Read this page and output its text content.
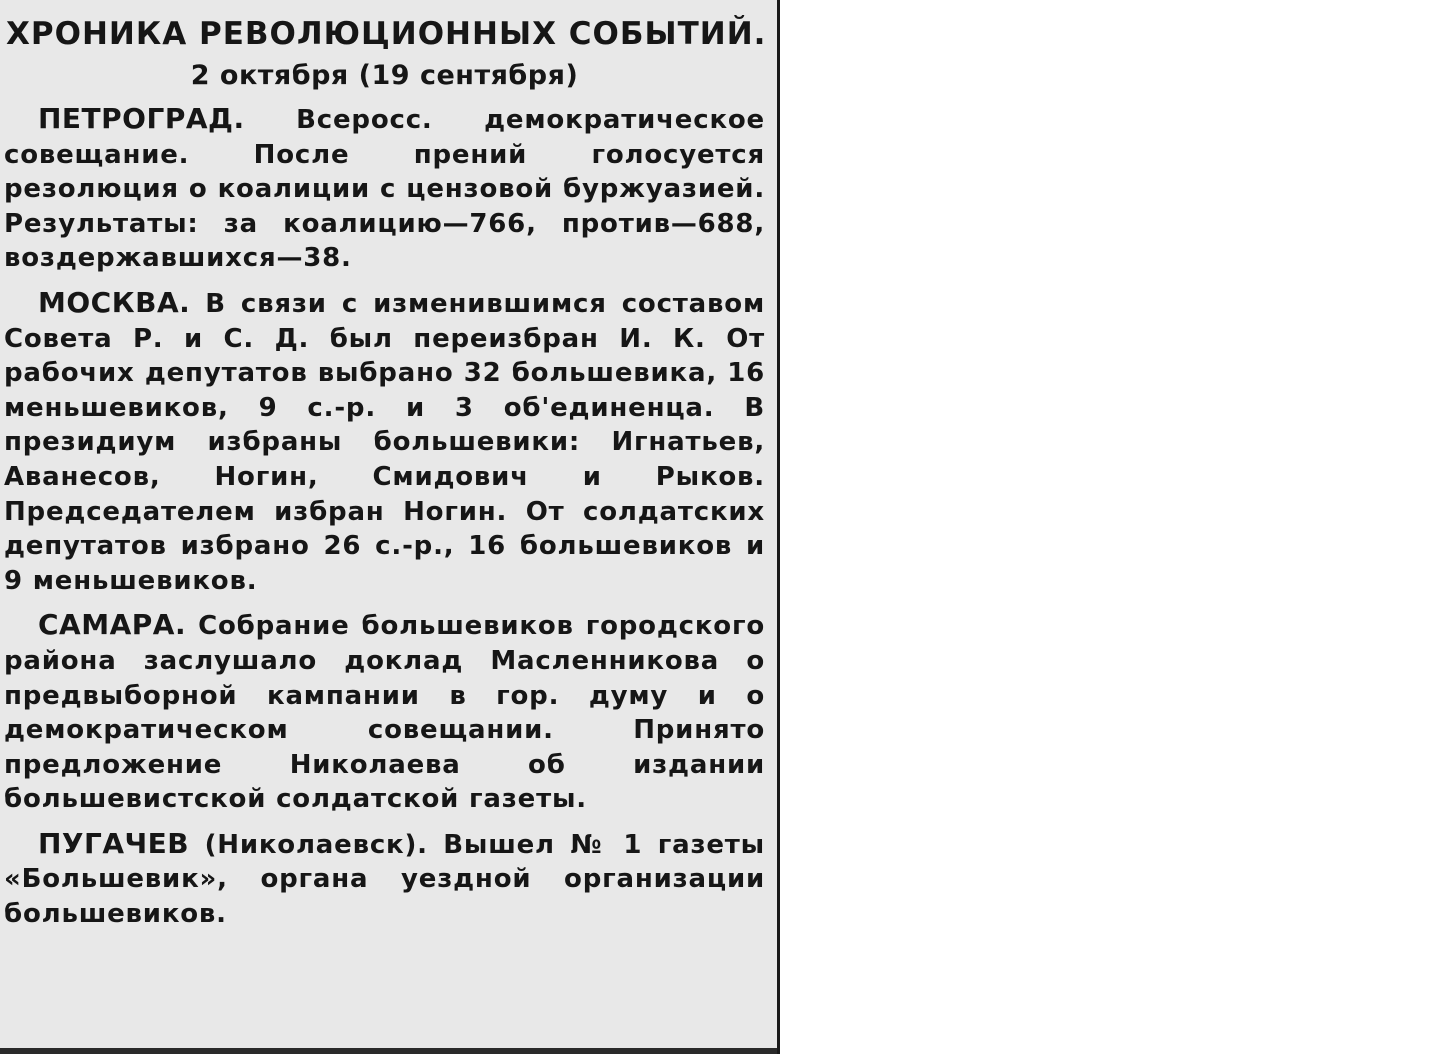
ХРОНИКА РЕВОЛЮЦИОННЫХ СОБЫТИЙ.
2 октября (19 сентября)

ПЕТРОГРАД. Всеросс. демократическое совещание. После прений голосуется резолюция о коалиции с цензовой буржуазией. Результаты: за коалицию—766, против—688, воздержавшихся—38.

МОСКВА. В связи с изменившимся составом Совета Р. и С. Д. был переизбран И. К. От рабочих депутатов выбрано 32 большевика, 16 меньшевиков, 9 с.-р. и 3 об'единенца. В президиум избраны большевики: Игнатьев, Аванесов, Ногин, Смидович и Рыков. Председателем избран Ногин. От солдатских депутатов избрано 26 с.-р., 16 большевиков и 9 меньшевиков.

САМАРА. Собрание большевиков городского района заслушало доклад Масленникова о предвыборной кампании в гор. думу и о демократическом совещании. Принято предложение Николаева об издании большевистской солдатской газеты.

ПУГАЧЕВ (Николаевск). Вышел № 1 газеты «Большевик», органа уездной организации большевиков.
